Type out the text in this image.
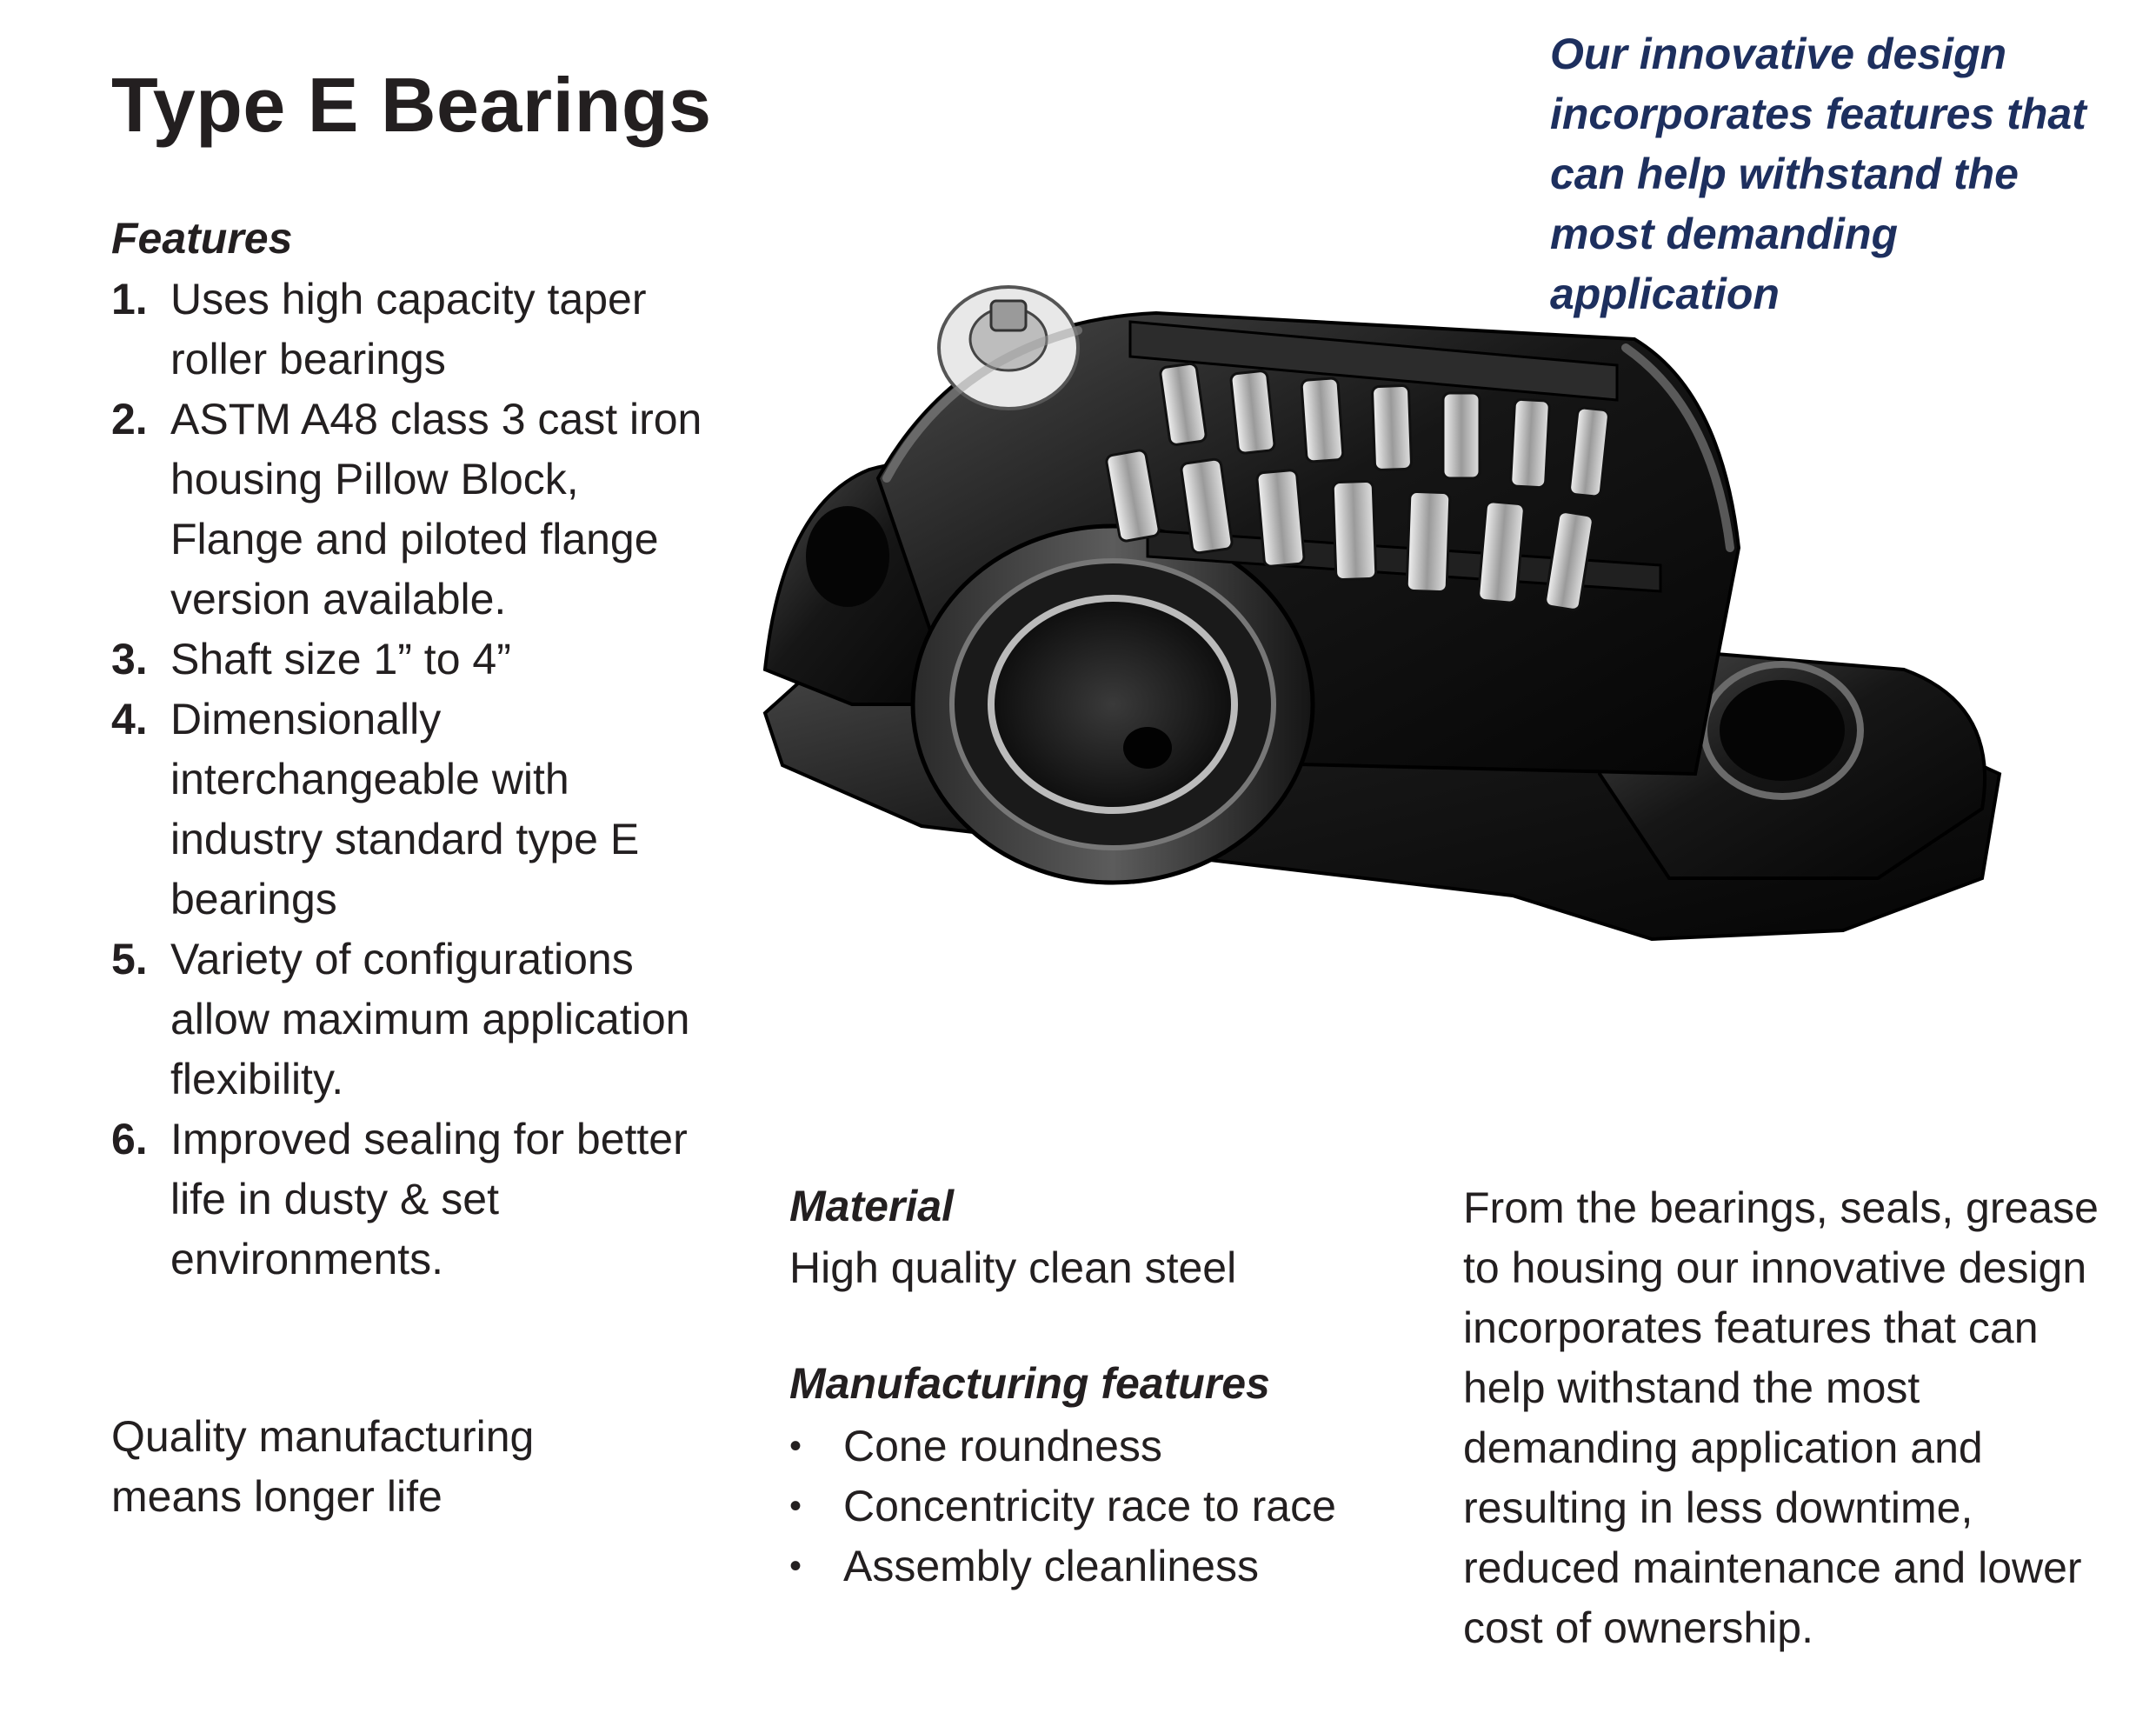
Type E Bearings
Our innovative design incorporates features that can help withstand the most demanding application
Features
1. Uses high capacity taper roller bearings
2. ASTM A48 class 3 cast iron housing Pillow Block, Flange and piloted flange version available.
3. Shaft size 1” to 4”
4. Dimensionally interchangeable with industry standard type E bearings
5. Variety of configurations allow maximum application flexibility.
6. Improved sealing for better life in dusty & set environments.
Quality manufacturing means longer life
Material
High quality clean steel
Manufacturing features
• Cone roundness
• Concentricity race to race
• Assembly cleanliness
From the bearings, seals, grease to housing our innovative design incorporates features that can help withstand the most demanding application and resulting in less downtime, reduced maintenance and lower cost of ownership.
